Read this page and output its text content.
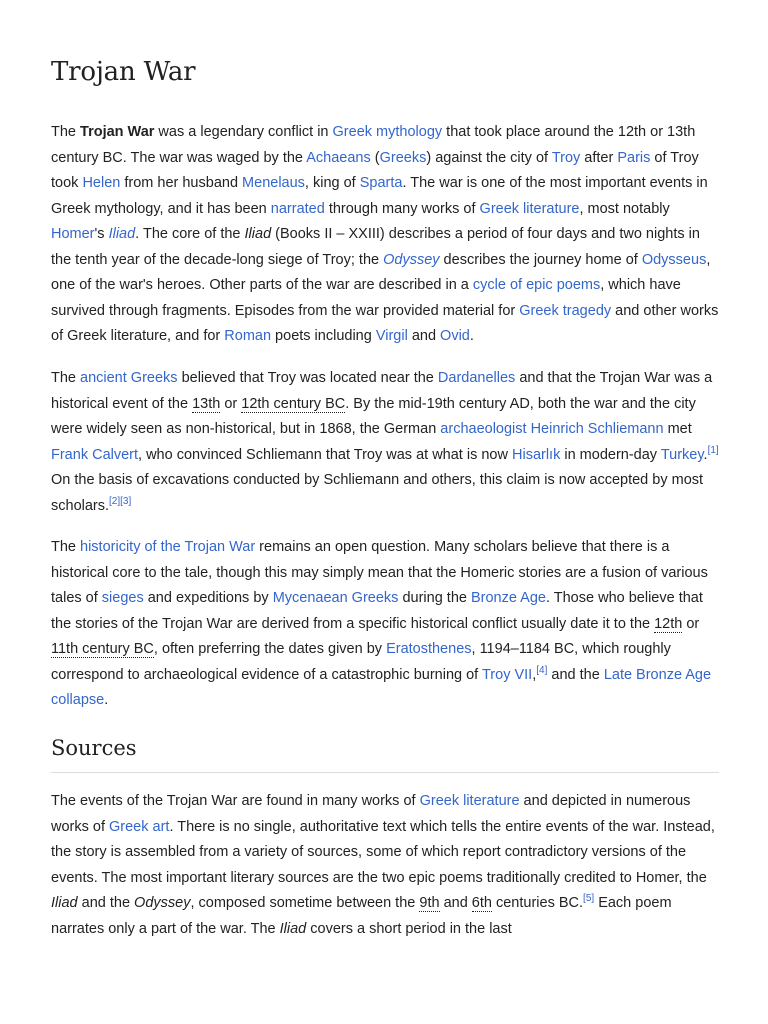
Trojan War

The Trojan War was a legendary conflict in Greek mythology that took place around the 12th or 13th century BC. The war was waged by the Achaeans (Greeks) against the city of Troy after Paris of Troy took Helen from her husband Menelaus, king of Sparta. The war is one of the most important events in Greek mythology, and it has been narrated through many works of Greek literature, most notably Homer's Iliad. The core of the Iliad (Books II – XXIII) describes a period of four days and two nights in the tenth year of the decade-long siege of Troy; the Odyssey describes the journey home of Odysseus, one of the war's heroes. Other parts of the war are described in a cycle of epic poems, which have survived through fragments. Episodes from the war provided material for Greek tragedy and other works of Greek literature, and for Roman poets including Virgil and Ovid.

The ancient Greeks believed that Troy was located near the Dardanelles and that the Trojan War was a historical event of the 13th or 12th century BC. By the mid-19th century AD, both the war and the city were widely seen as non-historical, but in 1868, the German archaeologist Heinrich Schliemann met Frank Calvert, who convinced Schliemann that Troy was at what is now Hisarlık in modern-day Turkey.[1] On the basis of excavations conducted by Schliemann and others, this claim is now accepted by most scholars.[2][3]

The historicity of the Trojan War remains an open question. Many scholars believe that there is a historical core to the tale, though this may simply mean that the Homeric stories are a fusion of various tales of sieges and expeditions by Mycenaean Greeks during the Bronze Age. Those who believe that the stories of the Trojan War are derived from a specific historical conflict usually date it to the 12th or 11th century BC, often preferring the dates given by Eratosthenes, 1194–1184 BC, which roughly correspond to archaeological evidence of a catastrophic burning of Troy VII,[4] and the Late Bronze Age collapse.

Sources

The events of the Trojan War are found in many works of Greek literature and depicted in numerous works of Greek art. There is no single, authoritative text which tells the entire events of the war. Instead, the story is assembled from a variety of sources, some of which report contradictory versions of the events. The most important literary sources are the two epic poems traditionally credited to Homer, the Iliad and the Odyssey, composed sometime between the 9th and 6th centuries BC.[5] Each poem narrates only a part of the war. The Iliad covers a short period in the last
